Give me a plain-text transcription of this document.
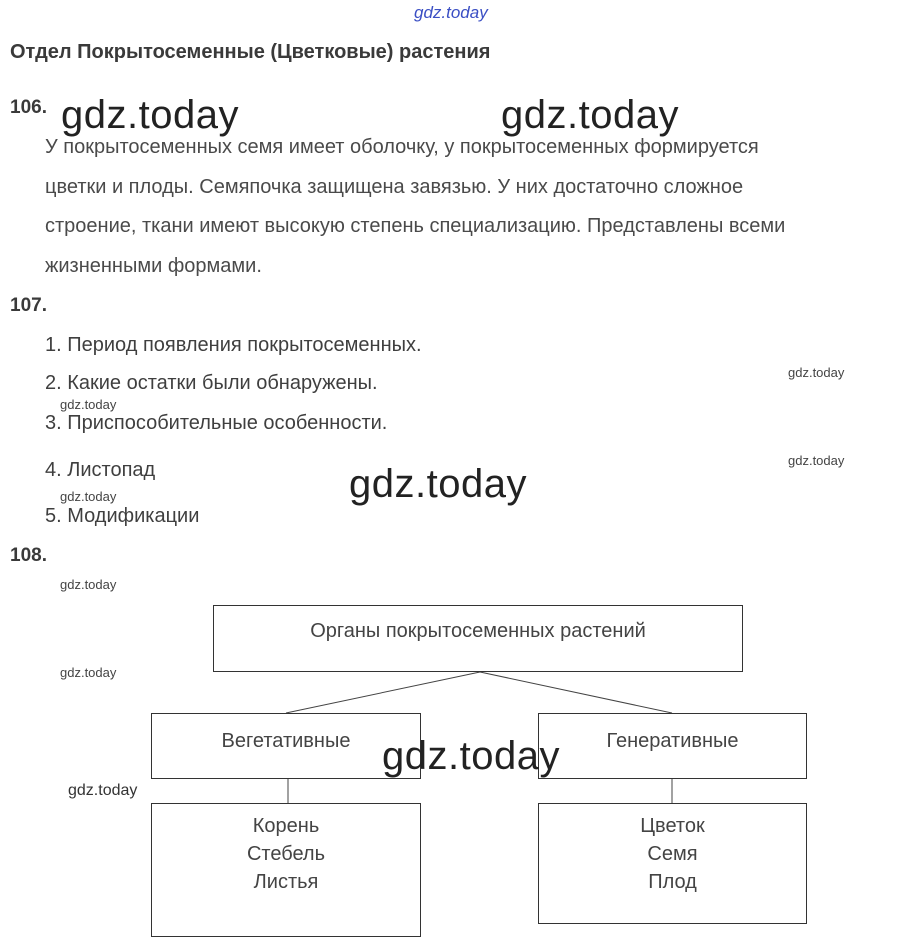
gdz.today
Отдел Покрытосеменные (Цветковые) растения
106.
У покрытосеменных семя имеет оболочку, у покрытосеменных формируется
цветки и плоды. Семяпочка защищена завязью. У них достаточно сложное
строение, ткани имеют высокую степень специализацию. Представлены всеми
жизненными формами.
107.
1. Период появления покрытосеменных.
2. Какие остатки были обнаружены.
3. Приспособительные особенности.
4. Листопад
5. Модификации
108.
Органы покрытосеменных растений
Вегетативные	Генеративные
Корень
Стебель
Листья
Цветок
Семя
Плод
gdz.today	gdz.today
gdz.today
gdz.today
gdz.today
gdz.today
gdz.today
gdz.today
gdz.today
gdz.today
gdz.today
